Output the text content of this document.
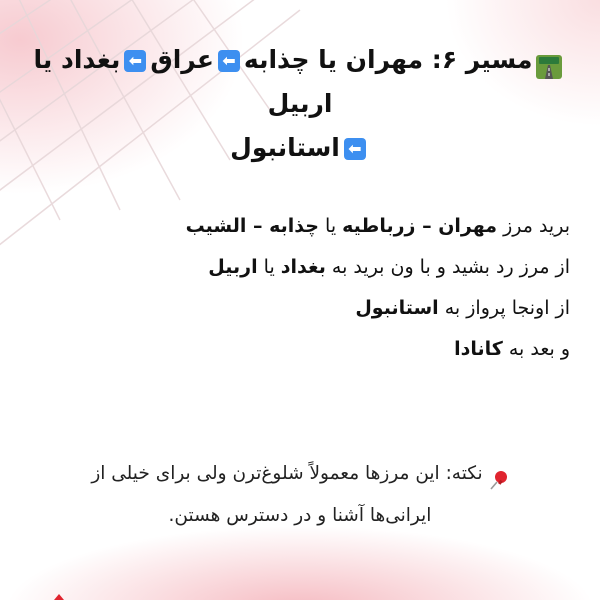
مسیر ۶: مهران یا چذابه⬅عراق⬅بغداد یا اربیل
⬅استانبول
برید مرز مهران – زرباطیه یا چذابه – الشیب
از مرز رد بشید و با ون برید به بغداد یا اربیل
از اونجا پرواز به استانبول
و بعد به کانادا
نکته: این مرزها معمولاً شلوغ‌ترن ولی برای خیلی از
ایرانی‌ها آشنا و در دسترس هستن.
